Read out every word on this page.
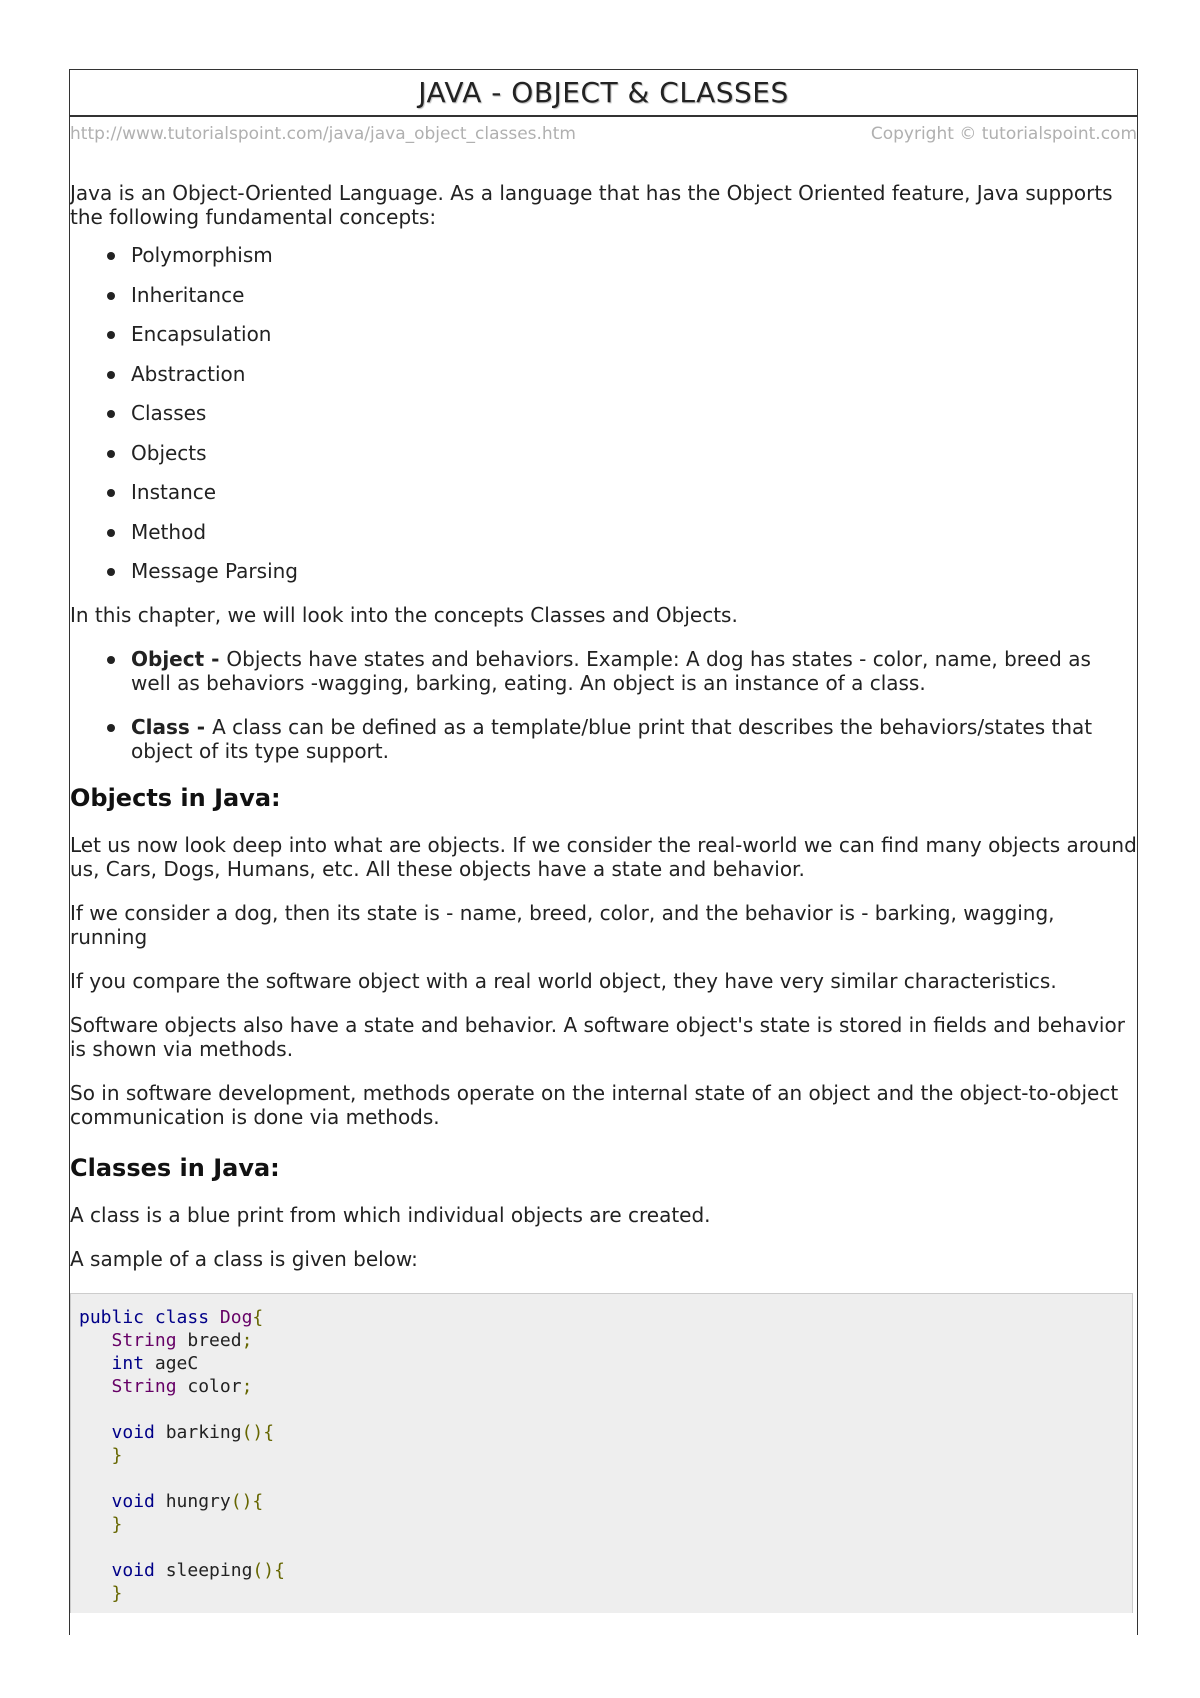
JAVA - OBJECT & CLASSES
http://www.tutorialspoint.com/java/java_object_classes.htm	Copyright © tutorialspoint.com

Java is an Object-Oriented Language. As a language that has the Object Oriented feature, Java supports the following fundamental concepts:

Polymorphism
Inheritance
Encapsulation
Abstraction
Classes
Objects
Instance
Method
Message Parsing

In this chapter, we will look into the concepts Classes and Objects.

Object - Objects have states and behaviors. Example: A dog has states - color, name, breed as well as behaviors -wagging, barking, eating. An object is an instance of a class.
Class - A class can be defined as a template/blue print that describes the behaviors/states that object of its type support.
Objects in Java:

Let us now look deep into what are objects. If we consider the real-world we can find many objects around us, Cars, Dogs, Humans, etc. All these objects have a state and behavior.

If we consider a dog, then its state is - name, breed, color, and the behavior is - barking, wagging, running

If you compare the software object with a real world object, they have very similar characteristics.

Software objects also have a state and behavior. A software object's state is stored in fields and behavior is shown via methods.

So in software development, methods operate on the internal state of an object and the object-to-object communication is done via methods.

Classes in Java:

A class is a blue print from which individual objects are created.

A sample of a class is given below:

public class Dog{
String breed;
int ageC
String color;

void barking(){
}

void hungry(){
}

void sleeping(){
}
